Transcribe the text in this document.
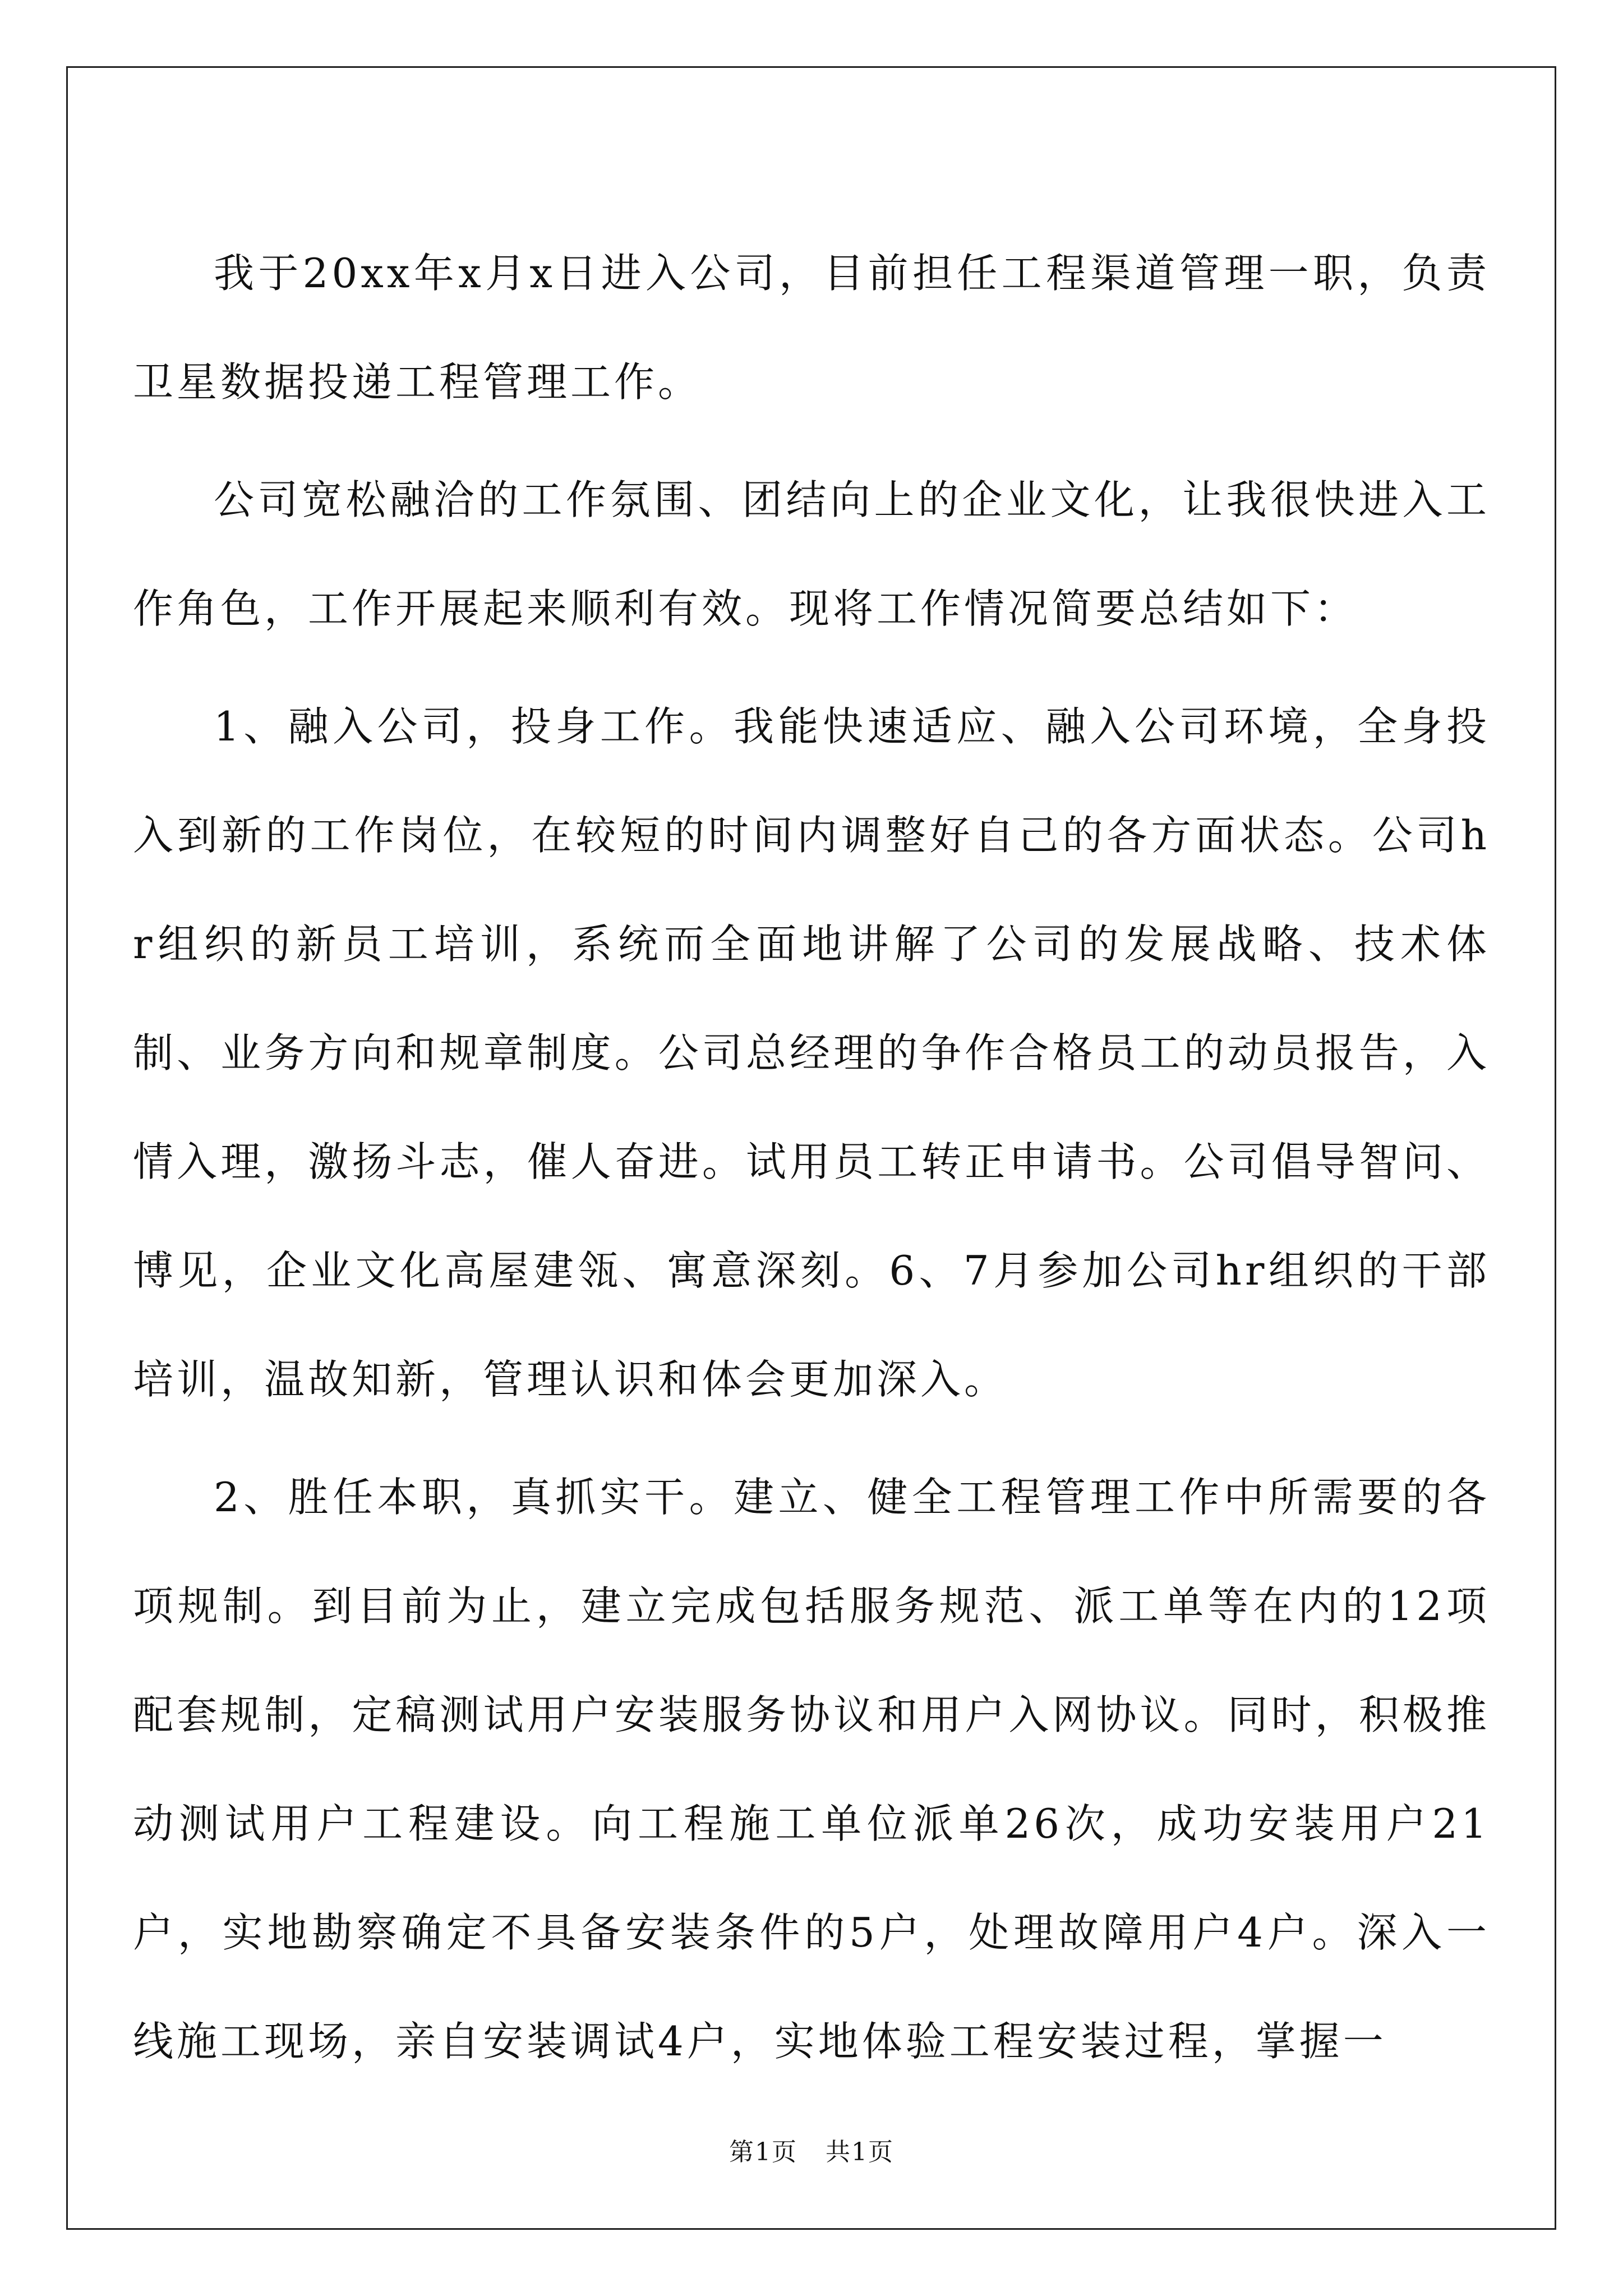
我于20xx年x月x日进入公司，目前担任工程渠道管理一职，负责卫星数据投递工程管理工作。

公司宽松融洽的工作氛围、团结向上的企业文化，让我很快进入工作角色，工作开展起来顺利有效。现将工作情况简要总结如下：

1、融入公司，投身工作。我能快速适应、融入公司环境，全身投入到新的工作岗位，在较短的时间内调整好自己的各方面状态。公司hr组织的新员工培训，系统而全面地讲解了公司的发展战略、技术体制、业务方向和规章制度。公司总经理的争作合格员工的动员报告，入情入理，激扬斗志，催人奋进。试用员工转正申请书。公司倡导智问、博见，企业文化高屋建瓴、寓意深刻。6、7月参加公司hr组织的干部培训，温故知新，管理认识和体会更加深入。

2、胜任本职，真抓实干。建立、健全工程管理工作中所需要的各项规制。到目前为止，建立完成包括服务规范、派工单等在内的12项配套规制，定稿测试用户安装服务协议和用户入网协议。同时，积极推动测试用户工程建设。向工程施工单位派单26次，成功安装用户21户，实地勘察确定不具备安装条件的5户，处理故障用户4户。深入一线施工现场，亲自安装调试4户，实地体验工程安装过程，掌握一

第1页 共1页
